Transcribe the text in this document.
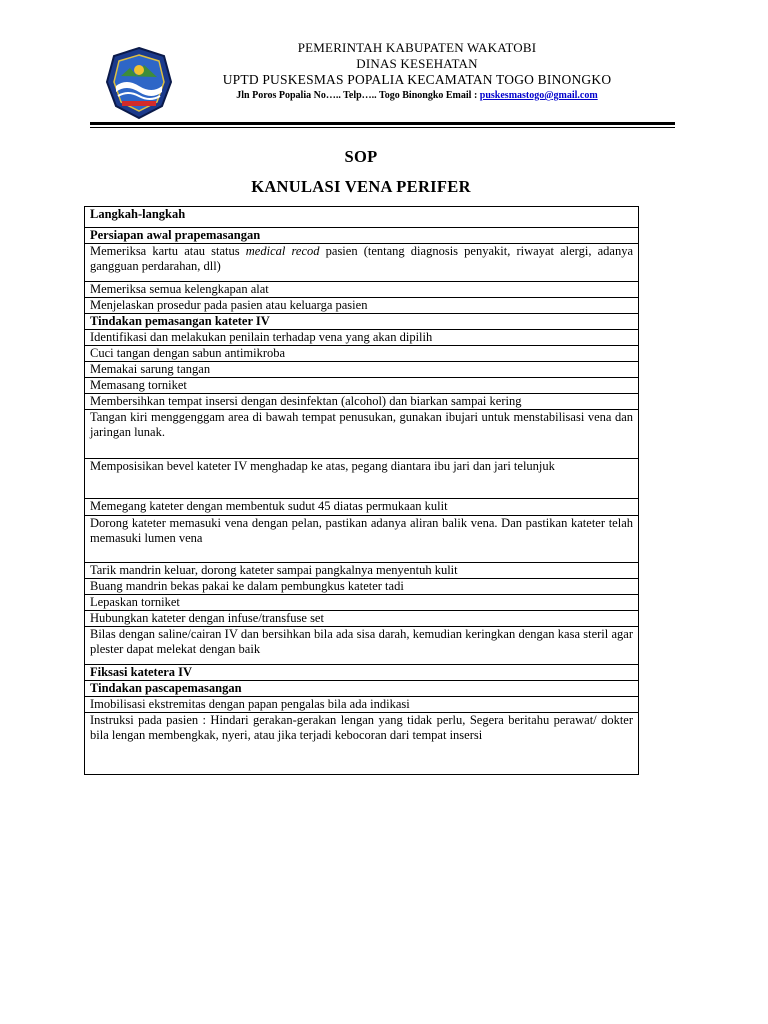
PEMERINTAH KABUPATEN WAKATOBI
DINAS KESEHATAN
UPTD PUSKESMAS POPALIA KECAMATAN TOGO BINONGKO
Jln Poros Popalia No….. Telp….. Togo Binongko Email : puskesmastogo@gmail.com
SOP
KANULASI VENA PERIFER
Langkah-langkah
Persiapan awal prapemasangan
Memeriksa kartu atau status medical recod pasien (tentang diagnosis penyakit, riwayat alergi, adanya gangguan perdarahan, dll)
Memeriksa semua kelengkapan alat
Menjelaskan prosedur pada pasien atau keluarga pasien
Tindakan pemasangan kateter IV
Identifikasi dan melakukan penilain terhadap vena yang akan dipilih
Cuci tangan dengan sabun antimikroba
Memakai sarung tangan
Memasang torniket
Membersihkan tempat insersi dengan desinfektan (alcohol) dan biarkan sampai kering
Tangan kiri menggenggam area di bawah tempat penusukan, gunakan ibujari untuk menstabilisasi vena dan jaringan lunak.
Memposisikan bevel kateter IV menghadap ke atas, pegang diantara ibu jari dan jari telunjuk
Memegang kateter dengan membentuk sudut 45 diatas permukaan kulit
Dorong kateter memasuki vena dengan pelan, pastikan adanya aliran balik vena. Dan pastikan kateter telah memasuki lumen vena
Tarik mandrin keluar, dorong kateter sampai pangkalnya menyentuh kulit
Buang mandrin bekas pakai ke dalam pembungkus kateter tadi
Lepaskan torniket
Hubungkan kateter dengan infuse/transfuse set
Bilas dengan saline/cairan IV dan bersihkan bila ada sisa darah, kemudian keringkan dengan kasa steril agar plester dapat melekat dengan baik
Fiksasi katetera IV
Tindakan pascapemasangan
Imobilisasi ekstremitas dengan papan pengalas bila ada indikasi
Instruksi pada pasien : Hindari gerakan-gerakan lengan yang tidak perlu, Segera beritahu perawat/ dokter bila lengan membengkak, nyeri, atau jika terjadi kebocoran dari tempat insersi
